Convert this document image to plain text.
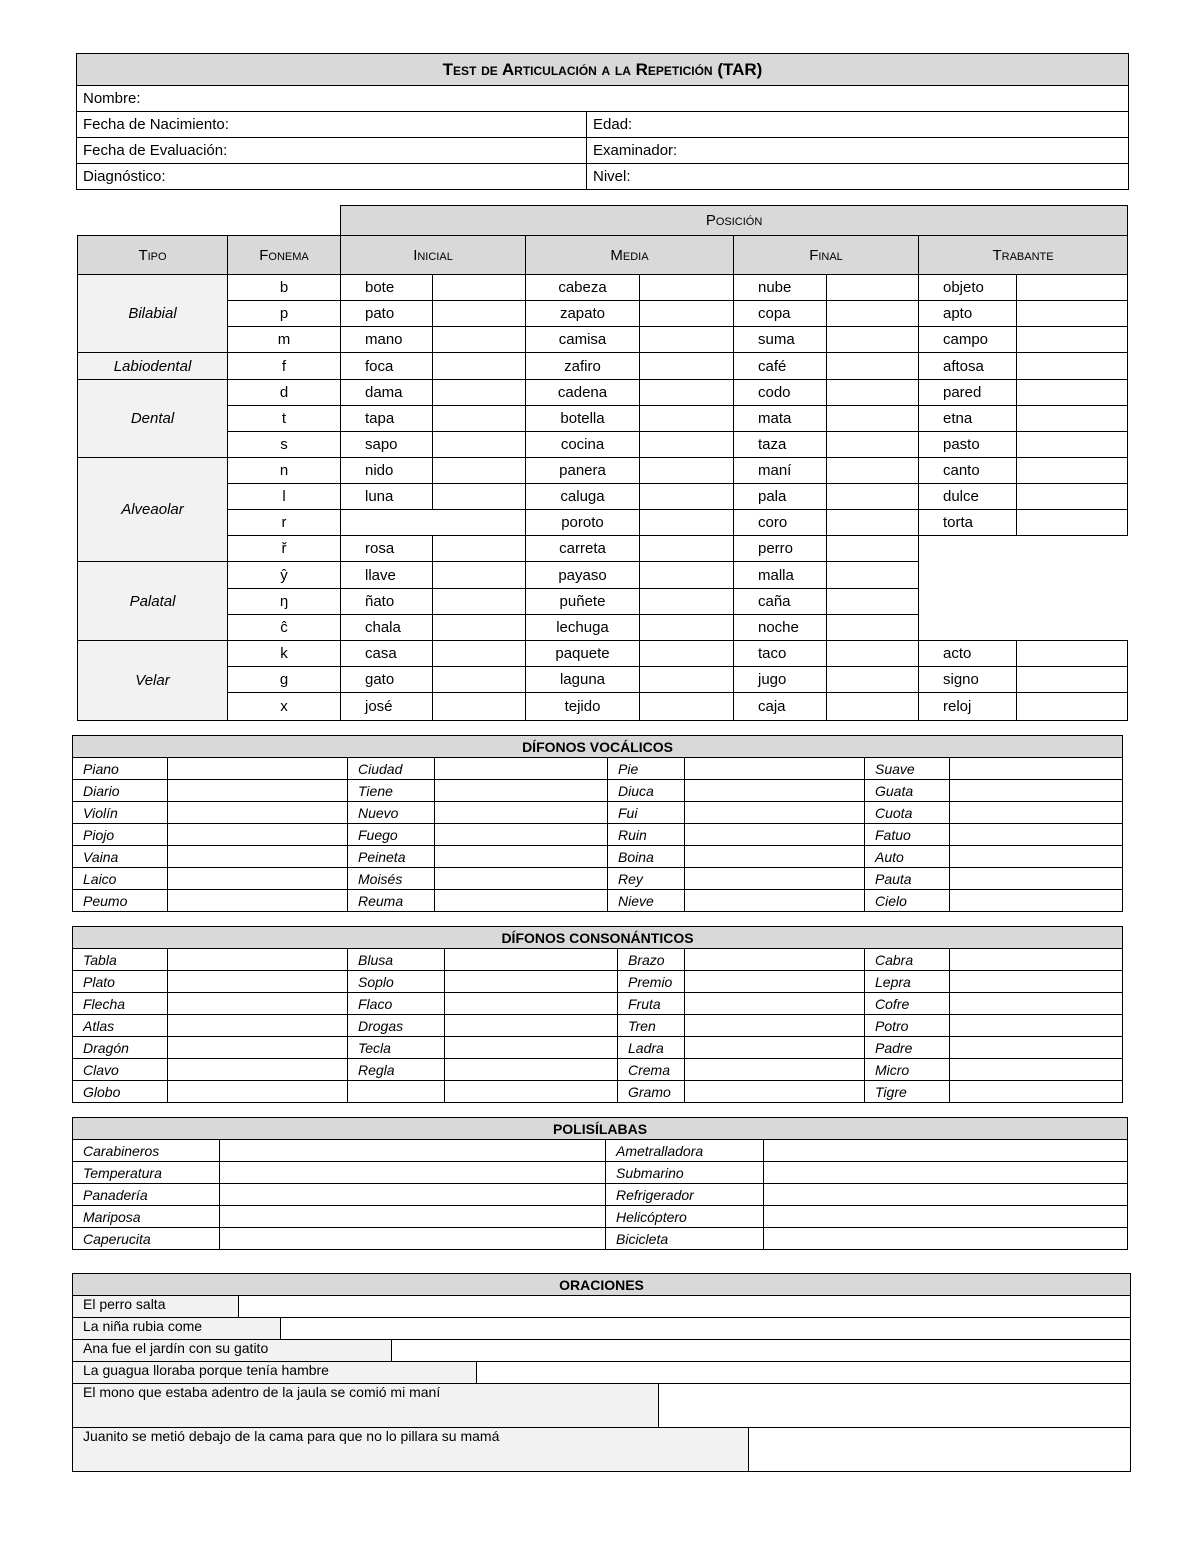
Test de Articulación a la Repetición (TAR)	
Nombre:	
Fecha de Nacimiento:	Edad:
Fecha de Evaluación:	Examinador:
Diagnóstico:	Nivel:
		Posición							
Tipo	Fonema	Inicial		Media		Final		Trabante	
Bilabial	b	bote		cabeza		nube		objeto	
	p	pato		zapato		copa		apto	
	m	mano		camisa		suma		campo	
Labiodental	f	foca		zafiro		café		aftosa	
Dental	d	dama		cadena		codo		pared	
	t	tapa		botella		mata		etna	
	s	sapo		cocina		taza		pasto	
Alveaolar	n	nido		panera		maní		canto	
	l	luna		caluga		pala		dulce	
	r			poroto		coro		torta	
	ř	rosa		carreta		perro			
Palatal	ŷ	llave		payaso		malla			
	ŋ	ñato		puñete		caña			
	ĉ	chala		lechuga		noche			
Velar	k	casa		paquete		taco		acto	
	g	gato		laguna		jugo		signo	
	x	josé		tejido		caja		reloj	
DÍFONOS VOCÁLICOS							
Piano		Ciudad		Pie		Suave	
Diario		Tiene		Diuca		Guata	
Violín		Nuevo		Fui		Cuota	
Piojo		Fuego		Ruin		Fatuo	
Vaina		Peineta		Boina		Auto	
Laico		Moisés		Rey		Pauta	
Peumo		Reuma		Nieve		Cielo	
DÍFONOS CONSONÁNTICOS							
Tabla		Blusa		Brazo		Cabra	
Plato		Soplo		Premio		Lepra	
Flecha		Flaco		Fruta		Cofre	
Atlas		Drogas		Tren		Potro	
Dragón		Tecla		Ladra		Padre	
Clavo		Regla		Crema		Micro	
Globo				Gramo		Tigre	
POLISÍLABAS			
Carabineros		Ametralladora	
Temperatura		Submarino	
Panadería		Refrigerador	
Mariposa		Helicóptero	
Caperucita		Bicicleta	
ORACIONES						
El perro salta						
La niña rubia come						
Ana fue el jardín con su gatito						
La guagua lloraba porque tenía hambre						
El mono que estaba adentro de la jaula se comió mi maní						
Juanito se metió debajo de la cama para que no lo pillara su mamá						
